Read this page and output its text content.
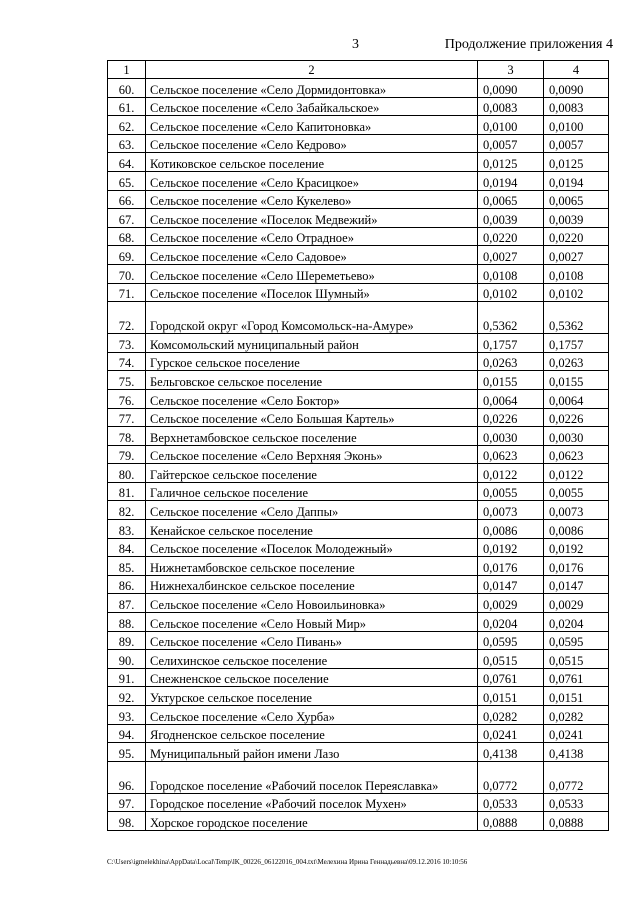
3	Продолжение приложения 4
1	2	3	4
60.	Сельское поселение «Село Дормидонтовка»	0,0090	0,0090
61.	Сельское поселение «Село Забайкальское»	0,0083	0,0083
62.	Сельское поселение «Село Капитоновка»	0,0100	0,0100
63.	Сельское поселение «Село Кедрово»	0,0057	0,0057
64.	Котиковское сельское поселение	0,0125	0,0125
65.	Сельское поселение «Село Красицкое»	0,0194	0,0194
66.	Сельское поселение «Село Кукелево»	0,0065	0,0065
67.	Сельское поселение «Поселок Медвежий»	0,0039	0,0039
68.	Сельское поселение «Село Отрадное»	0,0220	0,0220
69.	Сельское поселение «Село Садовое»	0,0027	0,0027
70.	Сельское поселение «Село Шереметьево»	0,0108	0,0108
71.	Сельское поселение «Поселок Шумный»	0,0102	0,0102
72.	Городской округ «Город Комсомольск-на-Амуре»	0,5362	0,5362
73.	Комсомольский муниципальный район	0,1757	0,1757
74.	Гурское сельское поселение	0,0263	0,0263
75.	Бельговское сельское поселение	0,0155	0,0155
76.	Сельское поселение «Село Боктор»	0,0064	0,0064
77.	Сельское поселение «Село Большая Картель»	0,0226	0,0226
78.	Верхнетамбовское сельское поселение	0,0030	0,0030
79.	Сельское поселение «Село Верхняя Эконь»	0,0623	0,0623
80.	Гайтерское сельское поселение	0,0122	0,0122
81.	Галичное сельское поселение	0,0055	0,0055
82.	Сельское поселение «Село Даппы»	0,0073	0,0073
83.	Кенайское сельское поселение	0,0086	0,0086
84.	Сельское поселение «Поселок Молодежный»	0,0192	0,0192
85.	Нижнетамбовское сельское поселение	0,0176	0,0176
86.	Нижнехалбинское сельское поселение	0,0147	0,0147
87.	Сельское поселение «Село Новоильиновка»	0,0029	0,0029
88.	Сельское поселение «Село Новый Мир»	0,0204	0,0204
89.	Сельское поселение «Село Пивань»	0,0595	0,0595
90.	Селихинское сельское поселение	0,0515	0,0515
91.	Снежненское сельское поселение	0,0761	0,0761
92.	Уктурское сельское поселение	0,0151	0,0151
93.	Сельское поселение «Село Хурба»	0,0282	0,0282
94.	Ягодненское сельское поселение	0,0241	0,0241
95.	Муниципальный район имени Лазо	0,4138	0,4138
96.	Городское поселение «Рабочий поселок Переяславка»	0,0772	0,0772
97.	Городское поселение «Рабочий поселок Мухен»	0,0533	0,0533
98.	Хорское городское поселение	0,0888	0,0888
C:\Users\igmelekhina\AppData\Local\Temp\lK_00226_06122016_004.txt\Мелехина Ирина Геннадьевна\09.12.2016 10:10:56
